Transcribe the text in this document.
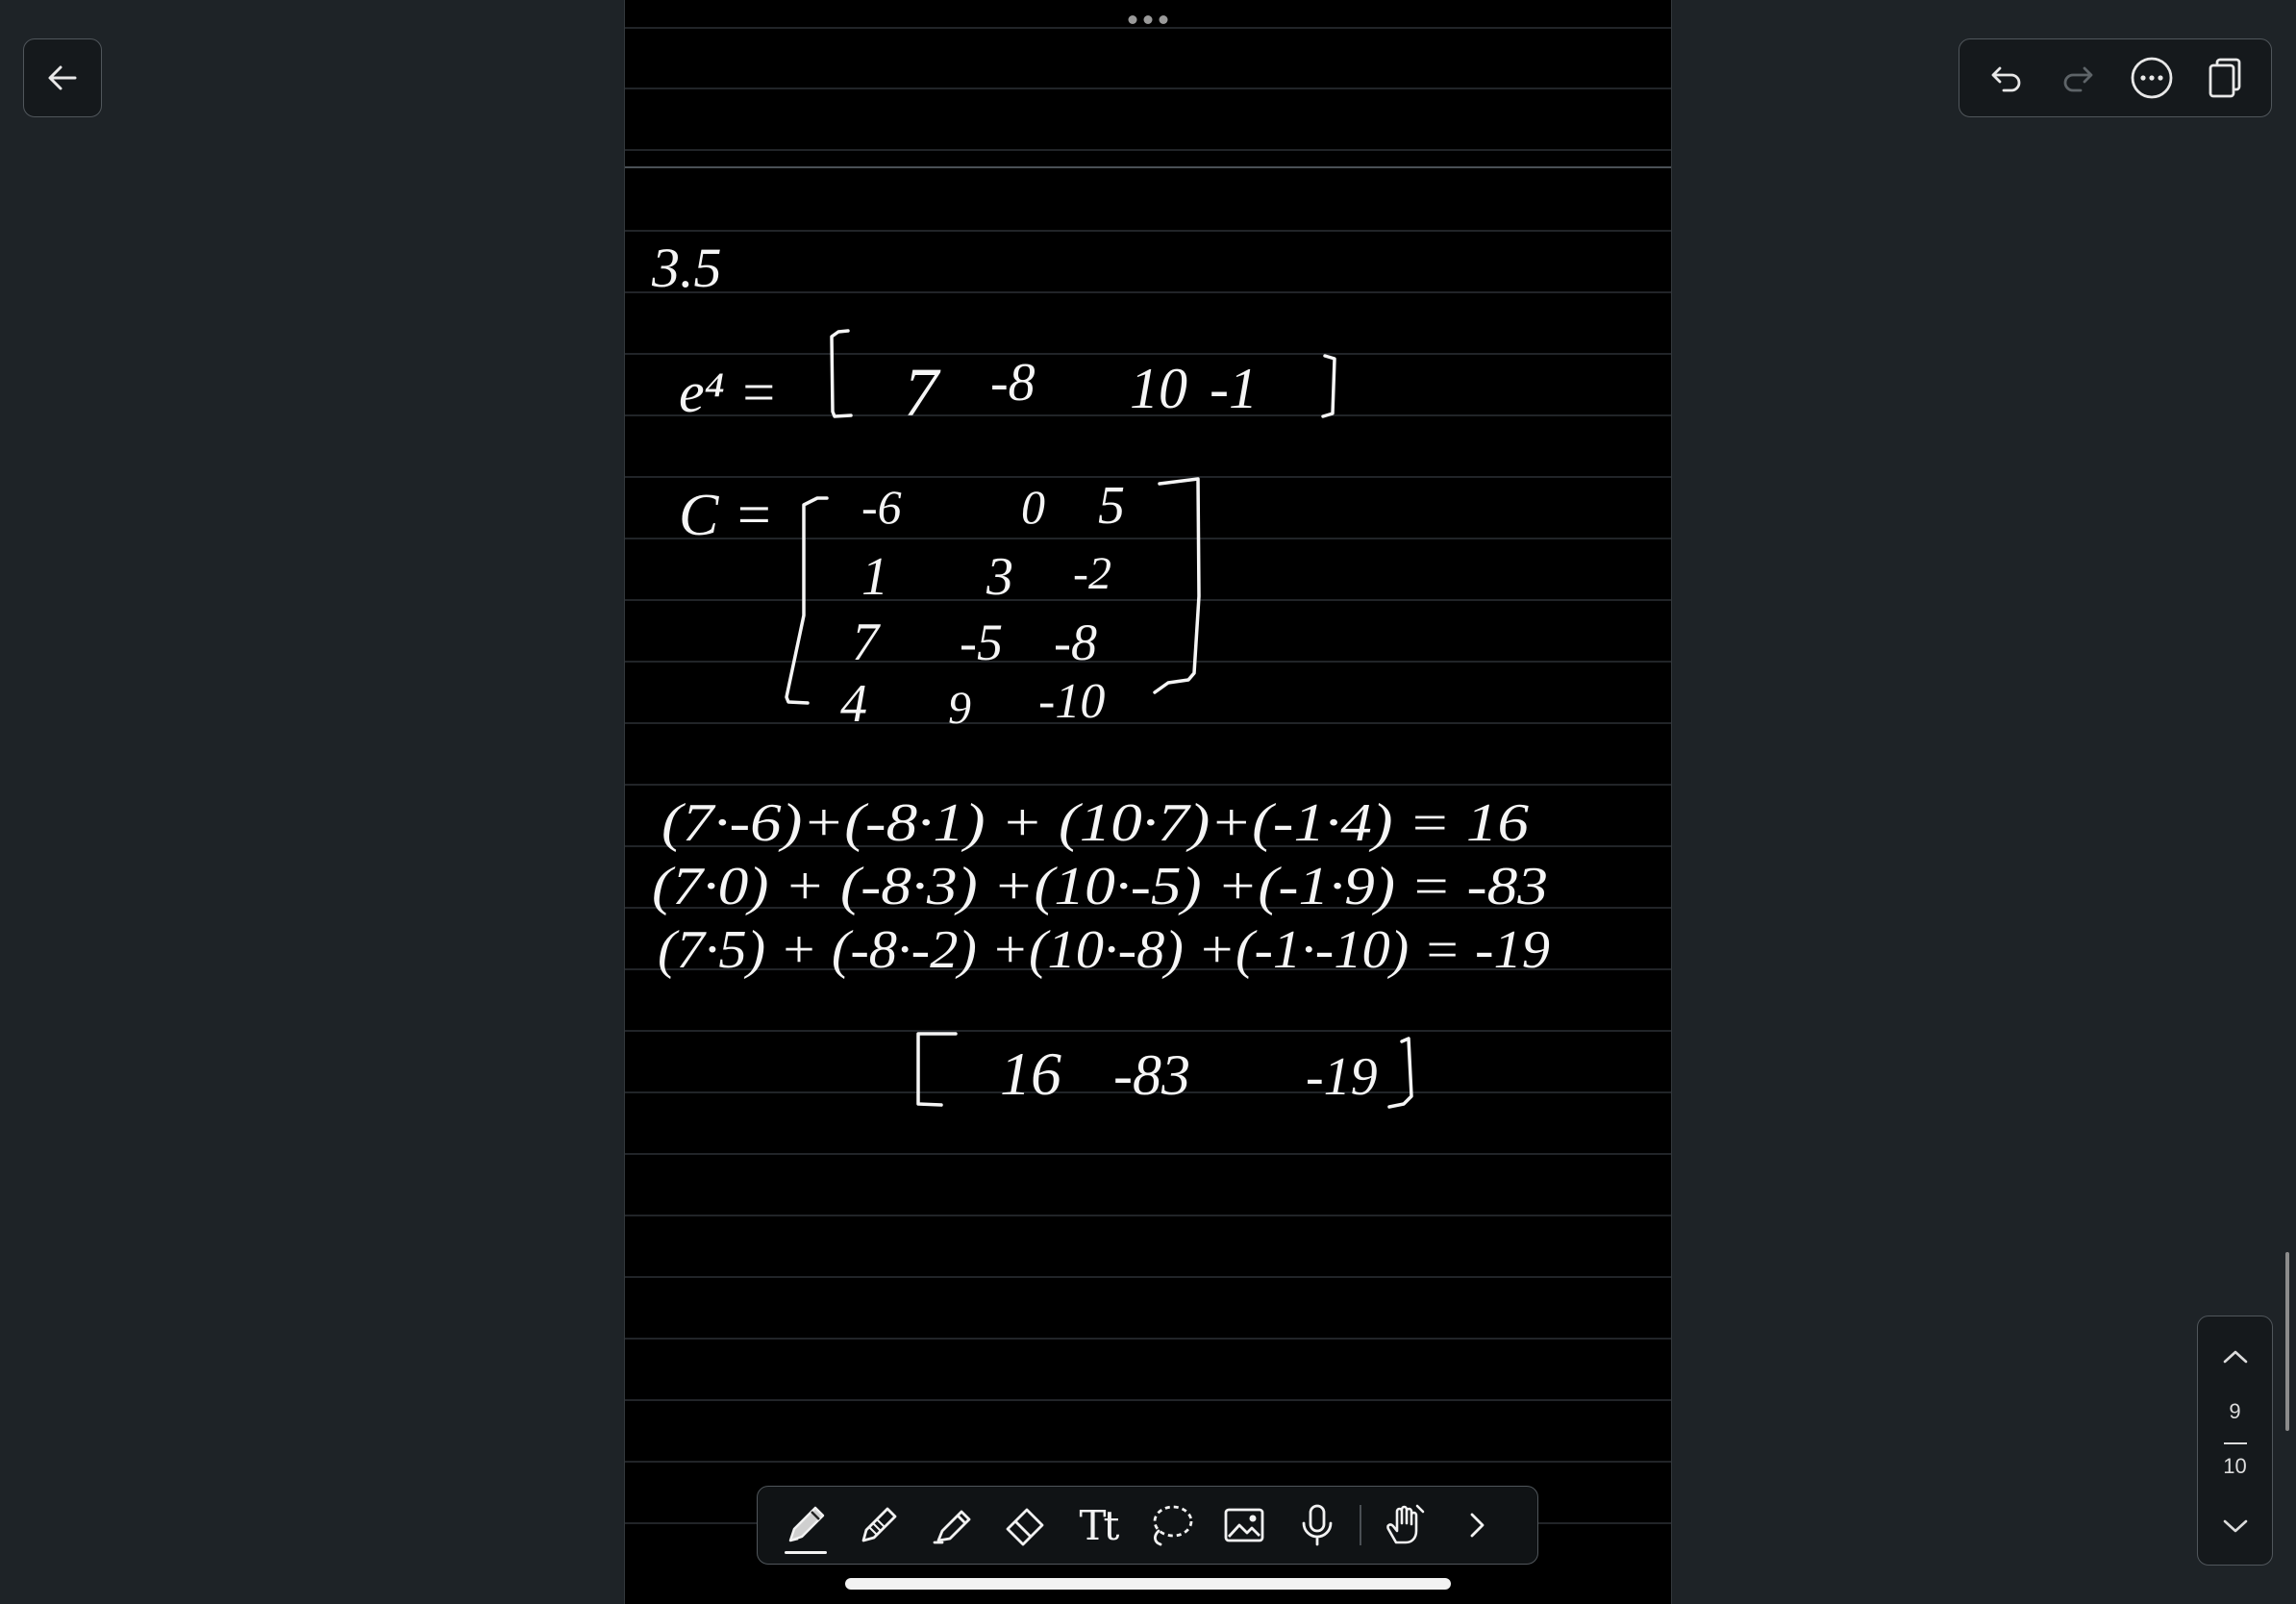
3.5
e⁴ = 7 -8 10 -1
C = -6 0 5
1 3 -2
7 -5 -8
4 9 -10
(7·-6)+(-8·1) + (10·7)+(-1·4) = 16
(7·0) + (-8·3) +(10·-5) +(-1·9) = -83
(7·5) + (-8·-2) +(10·-8) +(-1·-10) = -19
16 -83 -19
9
10
Tt
